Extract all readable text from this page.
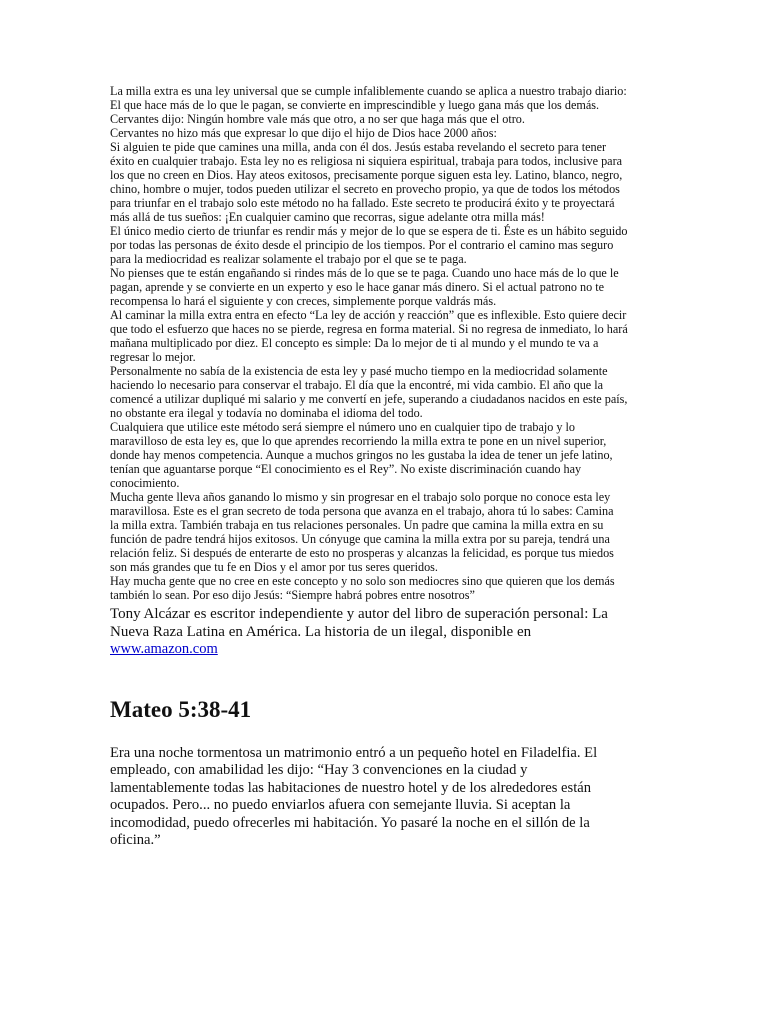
La milla extra es una ley universal que se cumple infaliblemente cuando se aplica a nuestro trabajo diario:
El que hace más de lo que le pagan, se convierte en imprescindible y luego gana más que los demás.
Cervantes dijo: Ningún hombre vale más que otro, a no ser que haga más que el otro.

Cervantes no hizo más que expresar lo que dijo el hijo de Dios hace 2000 años:
Si alguien te pide que camines una milla, anda con él dos. Jesús estaba revelando el secreto para tener
éxito en cualquier trabajo. Esta ley no es religiosa ni siquiera espiritual, trabaja para todos, inclusive para
los que no creen en Dios. Hay ateos exitosos, precisamente porque siguen esta ley. Latino, blanco, negro,
chino, hombre o mujer, todos pueden utilizar el secreto en provecho propio, ya que de todos los métodos
para triunfar en el trabajo solo este método no ha fallado. Este secreto te producirá éxito y te proyectará
más allá de tus sueños: ¡En cualquier camino que recorras, sigue adelante otra milla más!

El único medio cierto de triunfar es rendir más y mejor de lo que se espera de ti. Éste es un hábito seguido
por todas las personas de éxito desde el principio de los tiempos. Por el contrario el camino mas seguro
para la mediocridad es realizar solamente el trabajo por el que se te paga.
No pienses que te están engañando si rindes más de lo que se te paga. Cuando uno hace más de lo que le
pagan, aprende y se convierte en un experto y eso le hace ganar más dinero. Si el actual patrono no te
recompensa lo hará el siguiente y con creces, simplemente porque valdrás más.

Al caminar la milla extra entra en efecto “La ley de acción y reacción” que es inflexible. Esto quiere decir
que todo el esfuerzo que haces no se pierde, regresa en forma material. Si no regresa de inmediato, lo hará
mañana multiplicado por diez. El concepto es simple: Da lo mejor de ti al mundo y el mundo te va a
regresar lo mejor.

Personalmente no sabía de la existencia de esta ley y pasé mucho tiempo en la mediocridad solamente
haciendo lo necesario para conservar el trabajo. El día que la encontré, mi vida cambio. El año que la
comencé a utilizar dupliqué mi salario y me convertí en jefe, superando a ciudadanos nacidos en este país,
no obstante era ilegal y todavía no dominaba el idioma del todo.

Cualquiera que utilice este método será siempre el número uno en cualquier tipo de trabajo y lo
maravilloso de esta ley es, que lo que aprendes recorriendo la milla extra te pone en un nivel superior,
donde hay menos competencia. Aunque a muchos gringos no les gustaba la idea de tener un jefe latino,
tenían que aguantarse porque “El conocimiento es el Rey”. No existe discriminación cuando hay
conocimiento.

Mucha gente lleva años ganando lo mismo y sin progresar en el trabajo solo porque no conoce esta ley
maravillosa. Este es el gran secreto de toda persona que avanza en el trabajo, ahora tú lo sabes: Camina
la milla extra. También trabaja en tus relaciones personales. Un padre que camina la milla extra en su
función de padre tendrá hijos exitosos. Un cónyuge que camina la milla extra por su pareja, tendrá una
relación feliz. Si después de enterarte de esto no prosperas y alcanzas la felicidad, es porque tus miedos
son más grandes que tu fe en Dios y el amor por tus seres queridos.
Hay mucha gente que no cree en este concepto y no solo son mediocres sino que quieren que los demás
también lo sean. Por eso dijo Jesús: “Siempre habrá pobres entre nosotros”

Tony Alcázar es escritor independiente y autor del libro de superación personal: La
Nueva Raza Latina en América. La historia de un ilegal, disponible en
www.amazon.com
Mateo 5:38-41

Era una noche tormentosa un matrimonio entró a un pequeño hotel en Filadelfia. El
empleado, con amabilidad les dijo: “Hay 3 convenciones en la ciudad y
lamentablemente todas las habitaciones de nuestro hotel y de los alrededores están
ocupados. Pero... no puedo enviarlos afuera con semejante lluvia. Si aceptan la
incomodidad, puedo ofrecerles mi habitación. Yo pasaré la noche en el sillón de la
oficina.”
